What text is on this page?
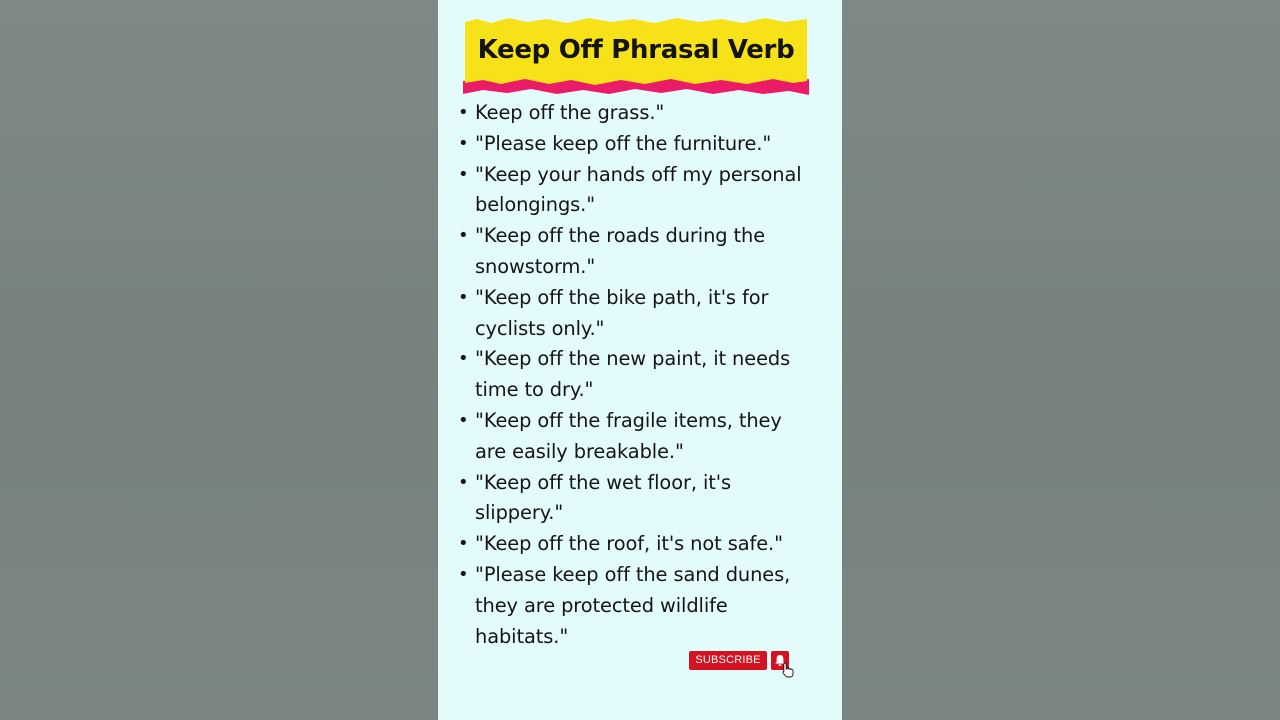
Keep Off Phrasal Verb
• Keep off the grass."
• "Please keep off the furniture."
• "Keep your hands off my personal belongings."
• "Keep off the roads during the snowstorm."
• "Keep off the bike path, it's for cyclists only."
• "Keep off the new paint, it needs time to dry."
• "Keep off the fragile items, they are easily breakable."
• "Keep off the wet floor, it's slippery."
• "Keep off the roof, it's not safe."
• "Please keep off the sand dunes, they are protected wildlife habitats."
SUBSCRIBE
